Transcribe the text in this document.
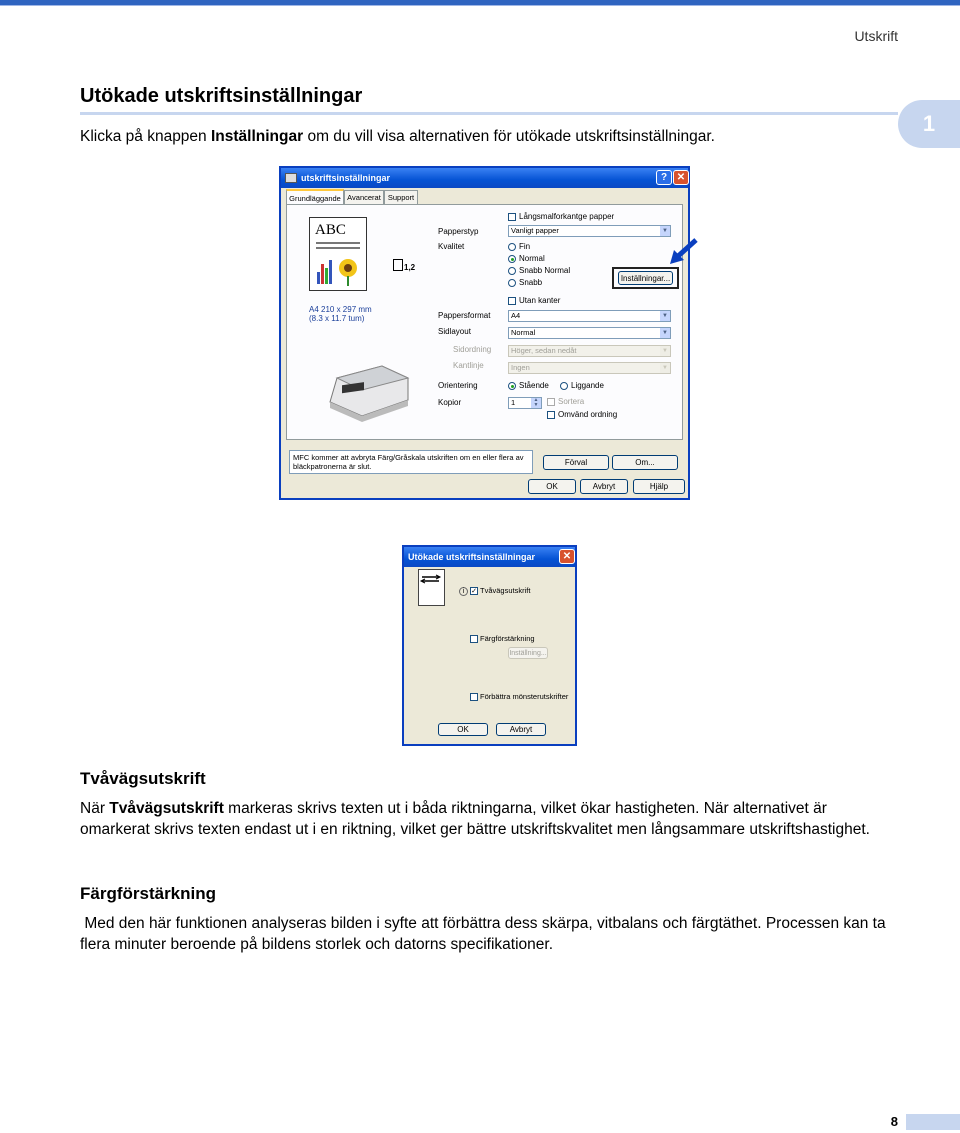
Utskrift
1
Utökade utskriftsinställningar
Klicka på knappen Inställningar om du vill visa alternativen för utökade utskriftsinställningar.
utskriftsinställningar	? ✕
Grundläggande Avancerat Support
ABC
1,2
A4 210 x 297 mm
(8.3 x 11.7 tum)
Långsmalforkantge papper
Papperstyp	Vanligt papper	▼
Kvalitet	Fin
Normal
Snabb Normal
Snabb	Inställningar...
Utan kanter
Pappersformat	A4	▼
Sidlayout	Normal	▼
Sidordning	Höger, sedan nedåt	▼
Kantlinje	Ingen	▼
Orientering	Stående	Liggande
Kopior	1	▲
▼	Sortera
Omvänd ordning
MFC kommer att avbryta Färg/Gråskala utskriften om en eller flera av
bläckpatronerna är slut.	Förval	Om...
OK	Avbryt	Hjälp
Utökade utskriftsinställningar	✕
i ✓ Tvåvägsutskrift
Färgförstärkning
Inställning...
Förbättra mönsterutskrifter
OK	Avbryt
Tvåvägsutskrift
När Tvåvägsutskrift markeras skrivs texten ut i båda riktningarna, vilket ökar hastigheten. När alternativet är omarkerat skrivs texten endast ut i en riktning, vilket ger bättre utskriftskvalitet men långsammare utskriftshastighet.
Färgförstärkning
Med den här funktionen analyseras bilden i syfte att förbättra dess skärpa, vitbalans och färgtäthet. Processen kan ta flera minuter beroende på bildens storlek och datorns specifikationer.
8
